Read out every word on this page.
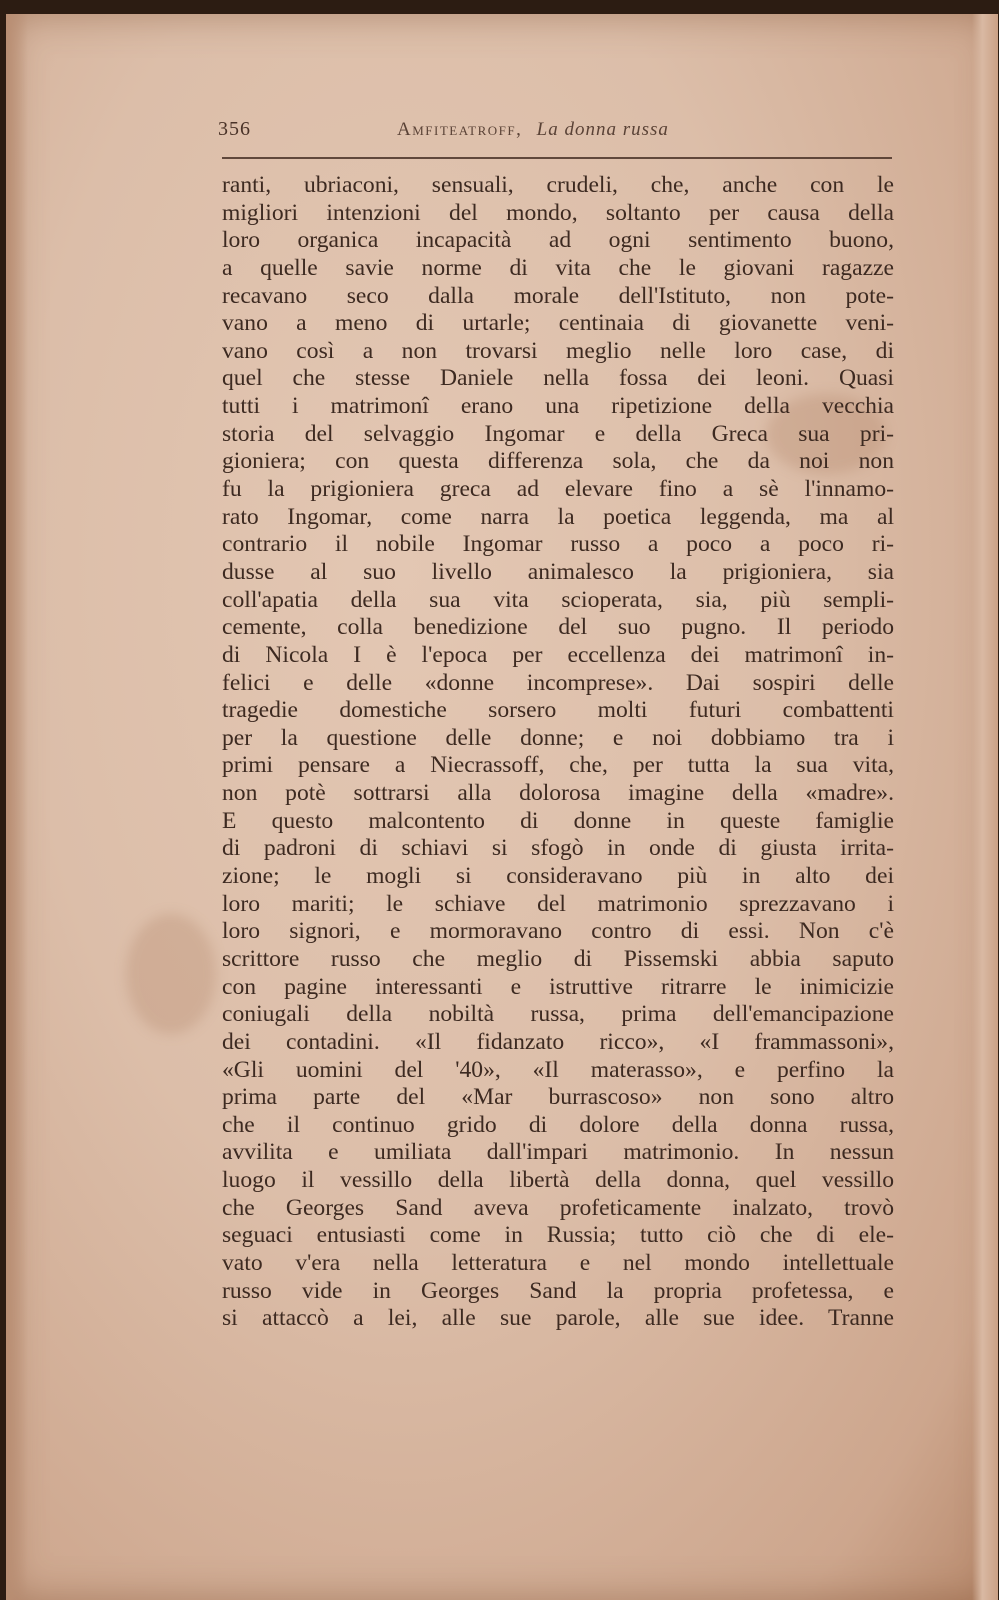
356	Amfiteatroff, La donna russa
ranti, ubriaconi, sensuali, crudeli, che, anche con le
migliori intenzioni del mondo, soltanto per causa della
loro organica incapacità ad ogni sentimento buono,
a quelle savie norme di vita che le giovani ragazze
recavano seco dalla morale dell'Istituto, non pote-
vano a meno di urtarle; centinaia di giovanette veni-
vano così a non trovarsi meglio nelle loro case, di
quel che stesse Daniele nella fossa dei leoni. Quasi
tutti i matrimonî erano una ripetizione della vecchia
storia del selvaggio Ingomar e della Greca sua pri-
gioniera; con questa differenza sola, che da noi non
fu la prigioniera greca ad elevare fino a sè l'innamo-
rato Ingomar, come narra la poetica leggenda, ma al
contrario il nobile Ingomar russo a poco a poco ri-
dusse al suo livello animalesco la prigioniera, sia
coll'apatia della sua vita scioperata, sia, più sempli-
cemente, colla benedizione del suo pugno. Il periodo
di Nicola I è l'epoca per eccellenza dei matrimonî in-
felici e delle «donne incomprese». Dai sospiri delle
tragedie domestiche sorsero molti futuri combattenti
per la questione delle donne; e noi dobbiamo tra i
primi pensare a Niecrassoff, che, per tutta la sua vita,
non potè sottrarsi alla dolorosa imagine della «madre».
E questo malcontento di donne in queste famiglie
di padroni di schiavi si sfogò in onde di giusta irrita-
zione; le mogli si consideravano più in alto dei
loro mariti; le schiave del matrimonio sprezzavano i
loro signori, e mormoravano contro di essi. Non c'è
scrittore russo che meglio di Pissemski abbia saputo
con pagine interessanti e istruttive ritrarre le inimicizie
coniugali della nobiltà russa, prima dell'emancipazione
dei contadini. «Il fidanzato ricco», «I frammassoni»,
«Gli uomini del '40», «Il materasso», e perfino la
prima parte del «Mar burrascoso» non sono altro
che il continuo grido di dolore della donna russa,
avvilita e umiliata dall'impari matrimonio. In nessun
luogo il vessillo della libertà della donna, quel vessillo
che Georges Sand aveva profeticamente inalzato, trovò
seguaci entusiasti come in Russia; tutto ciò che di ele-
vato v'era nella letteratura e nel mondo intellettuale
russo vide in Georges Sand la propria profetessa, e
si attaccò a lei, alle sue parole, alle sue idee. Tranne
